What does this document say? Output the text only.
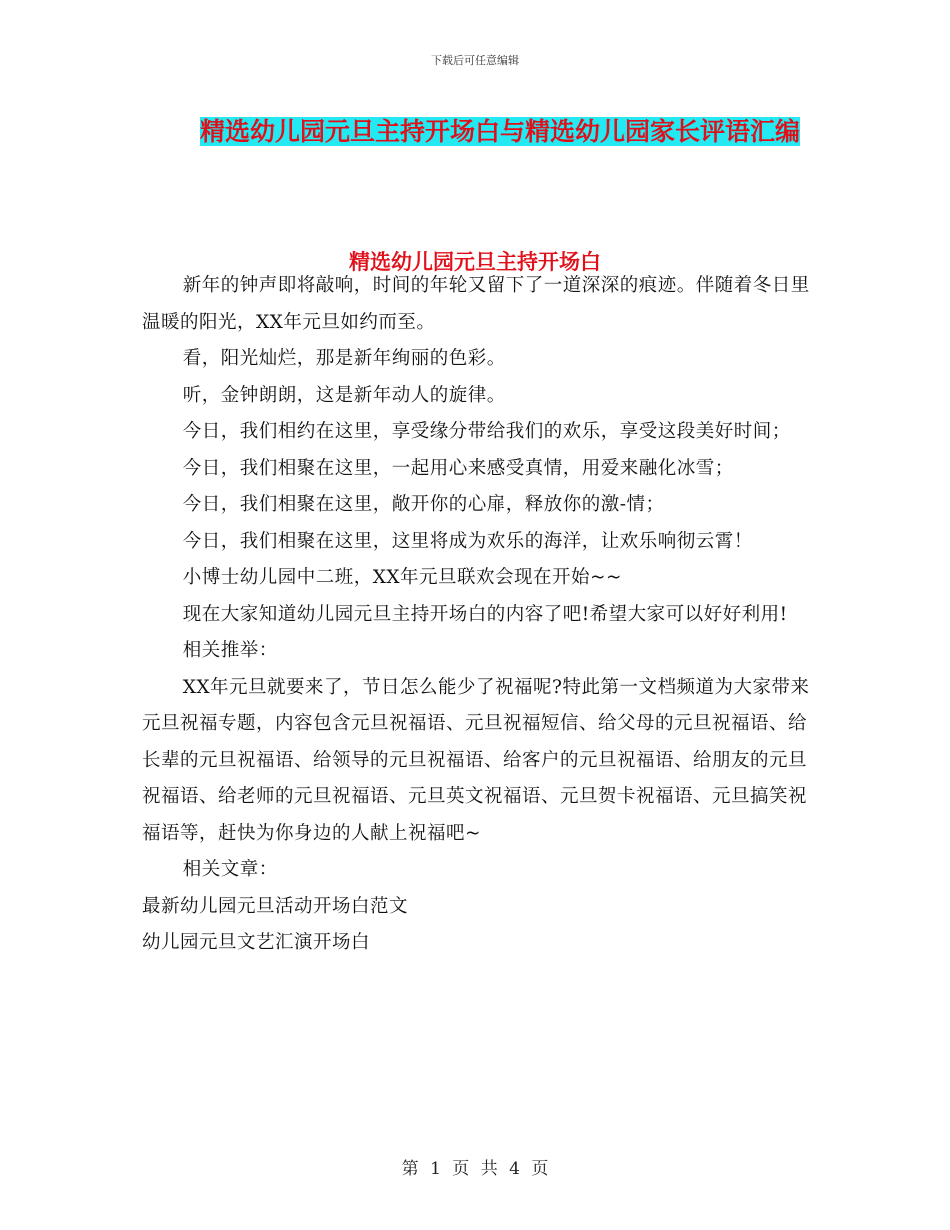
下载后可任意编辑
精选幼儿园元旦主持开场白与精选幼儿园家长评语汇编
精选幼儿园元旦主持开场白

新年的钟声即将敲响，时间的年轮又留下了一道深深的痕迹。伴随着冬日里温暖的阳光，XX年元旦如约而至。

看，阳光灿烂，那是新年绚丽的色彩。

听，金钟朗朗，这是新年动人的旋律。

今日，我们相约在这里，享受缘分带给我们的欢乐，享受这段美好时间；

今日，我们相聚在这里，一起用心来感受真情，用爱来融化冰雪；

今日，我们相聚在这里，敞开你的心扉，释放你的激-情；

今日，我们相聚在这里，这里将成为欢乐的海洋，让欢乐响彻云霄！

小博士幼儿园中二班，XX年元旦联欢会现在开始~~

现在大家知道幼儿园元旦主持开场白的内容了吧!希望大家可以好好利用!

相关推举：

XX年元旦就要来了，节日怎么能少了祝福呢?特此第一文档频道为大家带来元旦祝福专题，内容包含元旦祝福语、元旦祝福短信、给父母的元旦祝福语、给长辈的元旦祝福语、给领导的元旦祝福语、给客户的元旦祝福语、给朋友的元旦祝福语、给老师的元旦祝福语、元旦英文祝福语、元旦贺卡祝福语、元旦搞笑祝福语等，赶快为你身边的人献上祝福吧~

相关文章：

最新幼儿园元旦活动开场白范文

幼儿园元旦文艺汇演开场白

第 1 页 共 4 页
